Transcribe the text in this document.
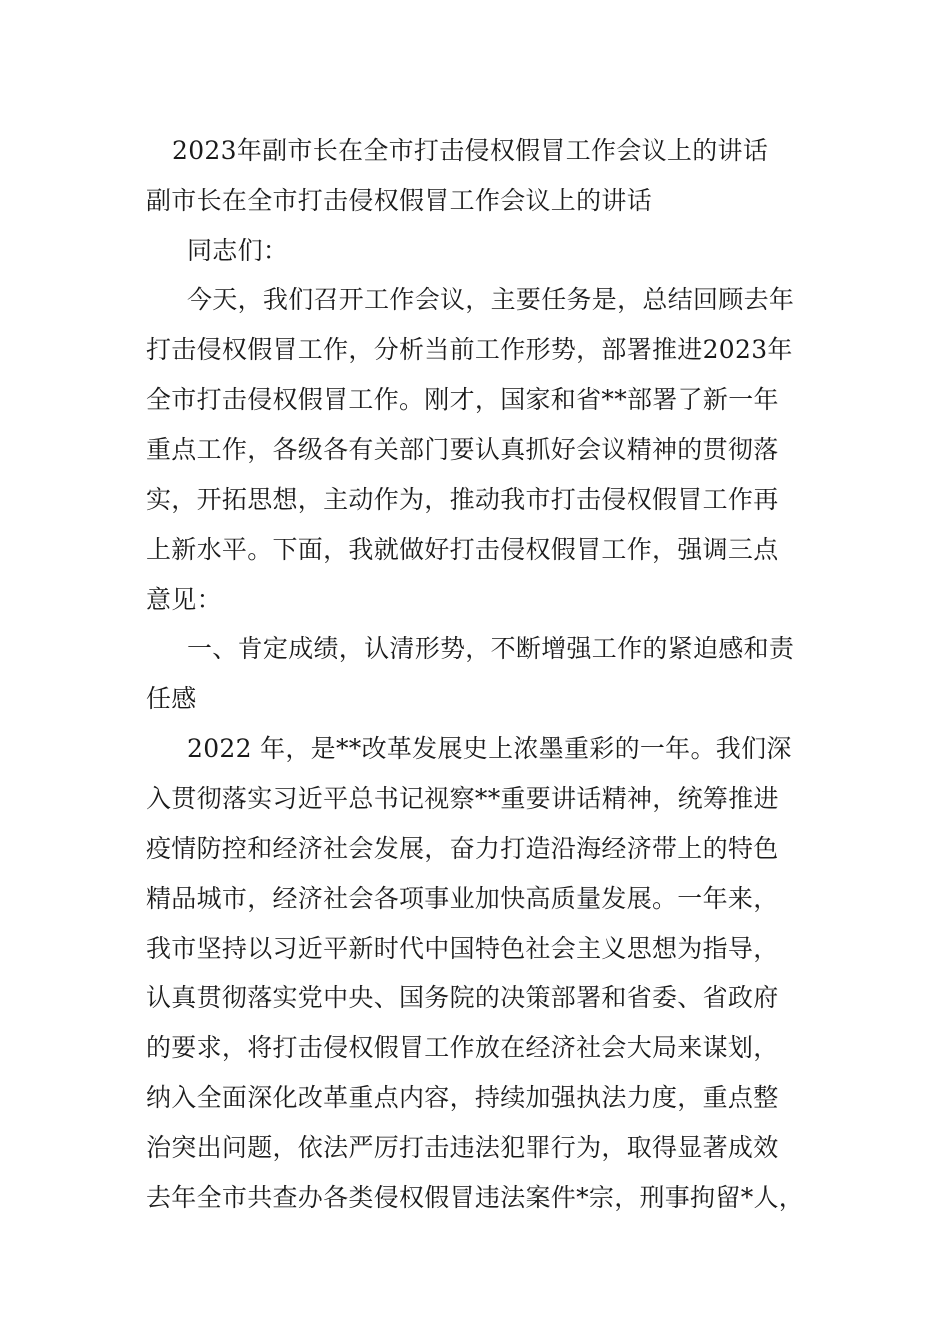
2023年副市长在全市打击侵权假冒工作会议上的讲话
副市长在全市打击侵权假冒工作会议上的讲话
同志们：
今天，我们召开工作会议，主要任务是，总结回顾去年
打击侵权假冒工作，分析当前工作形势，部署推进2023年
全市打击侵权假冒工作。刚才，国家和省**部署了新一年
重点工作，各级各有关部门要认真抓好会议精神的贯彻落
实，开拓思想，主动作为，推动我市打击侵权假冒工作再
上新水平。下面，我就做好打击侵权假冒工作，强调三点
意见：
一、肯定成绩，认清形势，不断增强工作的紧迫感和责
任感
2022 年，是**改革发展史上浓墨重彩的一年。我们深
入贯彻落实习近平总书记视察**重要讲话精神，统筹推进
疫情防控和经济社会发展，奋力打造沿海经济带上的特色
精品城市，经济社会各项事业加快高质量发展。一年来，
我市坚持以习近平新时代中国特色社会主义思想为指导，
认真贯彻落实党中央、国务院的决策部署和省委、省政府
的要求，将打击侵权假冒工作放在经济社会大局来谋划，
纳入全面深化改革重点内容，持续加强执法力度，重点整
治突出问题，依法严厉打击违法犯罪行为，取得显著成效
去年全市共查办各类侵权假冒违法案件*宗，刑事拘留*人，
